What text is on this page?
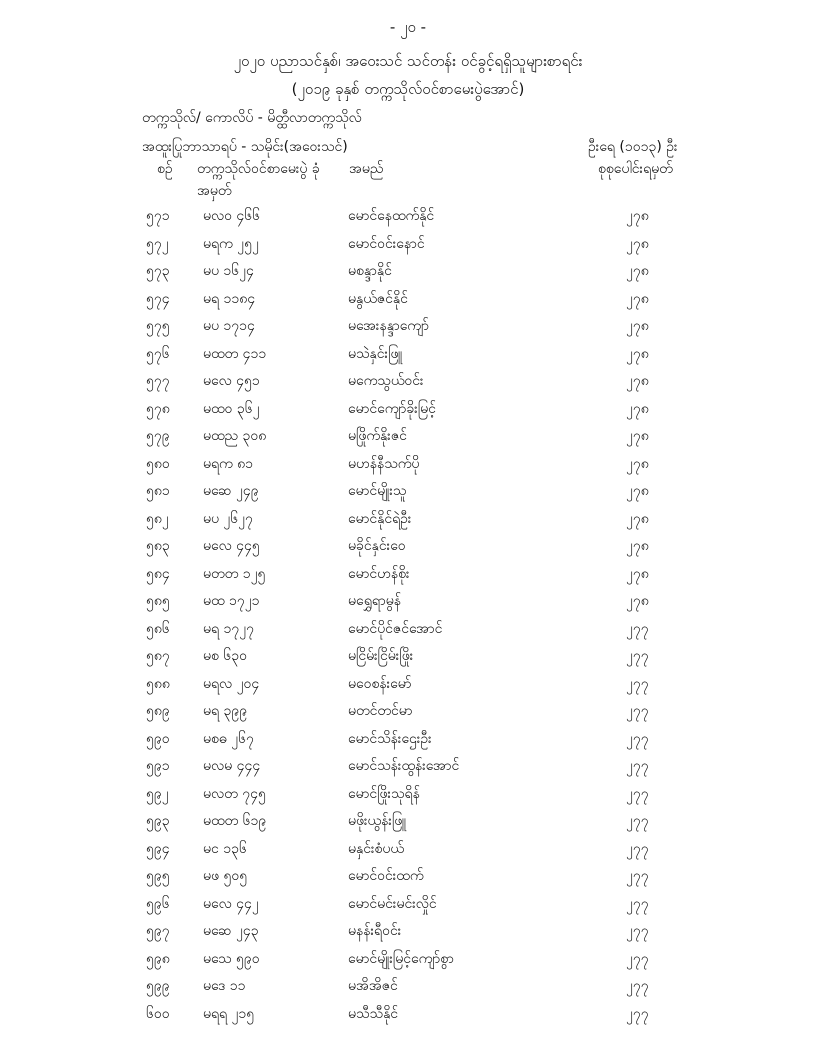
- ၂၀ -
၂၀၂၀ ပညာသင်နှစ်၊ အဝေးသင် သင်တန်း ဝင်ခွင့်ရရှိသူများစာရင်း
(၂၀၁၉ ခုနှစ် တက္ကသိုလ်ဝင်စာမေးပွဲအောင်)
တက္ကသိုလ်/ ကောလိပ် - မိတ္ထီလာတက္ကသိုလ်
အထူးပြုဘာသာရပ် - သမိုင်း(အဝေးသင်)	ဦးရေ (၁၀၁၃) ဦး
စဉ် တက္ကသိုလ်ဝင်စာမေးပွဲ ခုံအမှတ်
အမည်	စုစုပေါင်းရမှတ်
၅၇၁ မလဝ ၄၆၆	မောင်နေထက်နိုင်	၂၇၈
၅၇၂ မရက ၂၅၂	မောင်ဝင်းနောင်	၂၇၈
၅၇၃ မပ ၁၆၂၄	မစန္ဒာနိုင်	၂၇၈
၅၇၄ မရ ၁၁၈၄	မနွယ်ဇင်နိုင်	၂၇၈
၅၇၅ မပ ၁၇၁၄	မအေးနန္ဒာကျော်	၂၇၈
၅၇၆ မထတ ၄၁၁	မသဲနှင်းဖြူ	၂၇၈
၅၇၇ မလေ ၄၅၁	မကေသွယ်ဝင်း	၂၇၈
၅၇၈ မထဝ ၃၆၂	မောင်ကျော်ခိုးမြင့်	၂၇၈
၅၇၉ မထည ၃၀၈	မဖြိုက်နိုးဇင်	၂၇၈
၅၈၀ မရက ၈၁	မဟန်နီသက်ပို	၂၇၈
၅၈၁ မဆေ ၂၄၉	မောင်မျိုးသူ	၂၇၈
၅၈၂ မပ ၂၆၂၇	မောင်နိုင်ရဲဦး	၂၇၈
၅၈၃ မလေ ၄၄၅	မခိုင်နှင်းဝေ	၂၇၈
၅၈၄ မတတ ၁၂၅	မောင်ဟန်စိုး	၂၇၈
၅၈၅ မထ ၁၇၂၁	မရွှေရာမွန်	၂၇၈
၅၈၆ မရ ၁၇၂၇	မောင်ပိုင်ဇင်အောင်	၂၇၇
၅၈၇ မစ ၆၃၀	မငြိမ်းငြိမ်းဖြိုး	၂၇၇
၅၈၈ မရလ ၂၀၄	မဝေစန်းမော်	၂၇၇
၅၈၉ မရ ၃၉၉	မတင်တင်မာ	၂၇၇
၅၉၀ မစဓ ၂၆၇	မောင်သိန်းဌေးဦး	၂၇၇
၅၉၁ မလမ ၄၄၄	မောင်သန်းထွန်းအောင်	၂၇၇
၅၉၂ မလတ ၇၄၅	မောင်ဖြိုးသုရိန်	၂၇၇
၅၉၃ မထတ ၆၁၉	မဖိုးယွန်းဖြူ	၂၇၇
၅၉၄ မင ၁၃၆	မနှင်းစံပယ်	၂၇၇
၅၉၅ မဖ ၅၀၅	မောင်ဝင်းထက်	၂၇၇
၅၉၆ မလေ ၄၄၂	မောင်မင်းမင်းလှိုင်	၂၇၇
၅၉၇ မဆေ ၂၄၃	မနန်းရီဝင်း	၂၇၇
၅၉၈ မသေ ၅၉၀	မောင်မျိုးမြင့်ကျော်စွာ	၂၇၇
၅၉၉ မဒေ ၁၁	မအိအိဇင်	၂၇၇
၆၀၀ မရရ ၂၁၅	မသီသီနိုင်	၂၇၇
